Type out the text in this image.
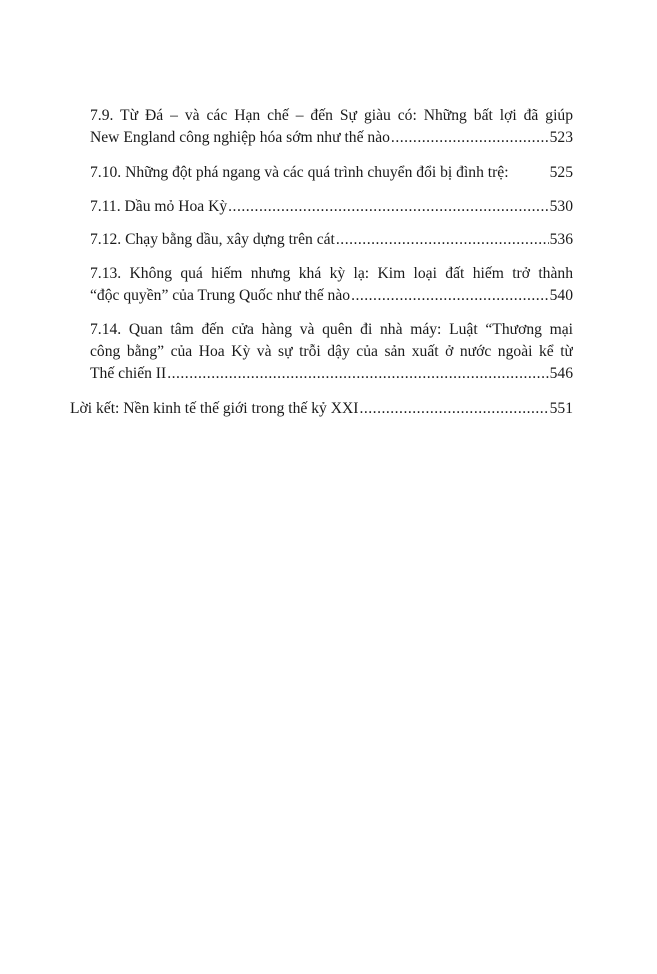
7.9. Từ Đá – và các Hạn chế – đến Sự giàu có: Những bất lợi đã giúp
New England công nghiệp hóa sớm như thế nào .....	523
7.10. Những đột phá ngang và các quá trình chuyển đổi bị đình trệ:	525
7.11. Dầu mỏ Hoa Kỳ .....	530
7.12. Chạy bằng dầu, xây dựng trên cát .....	536
7.13. Không quá hiếm nhưng khá kỳ lạ: Kim loại đất hiếm trở thành
“độc quyền” của Trung Quốc như thế nào .....	540
7.14. Quan tâm đến cửa hàng và quên đi nhà máy: Luật “Thương mại
công bằng” của Hoa Kỳ và sự trỗi dậy của sản xuất ở nước ngoài kể từ
Thế chiến II .....	546
Lời kết: Nền kinh tế thế giới trong thế kỷ XXI .....	551
